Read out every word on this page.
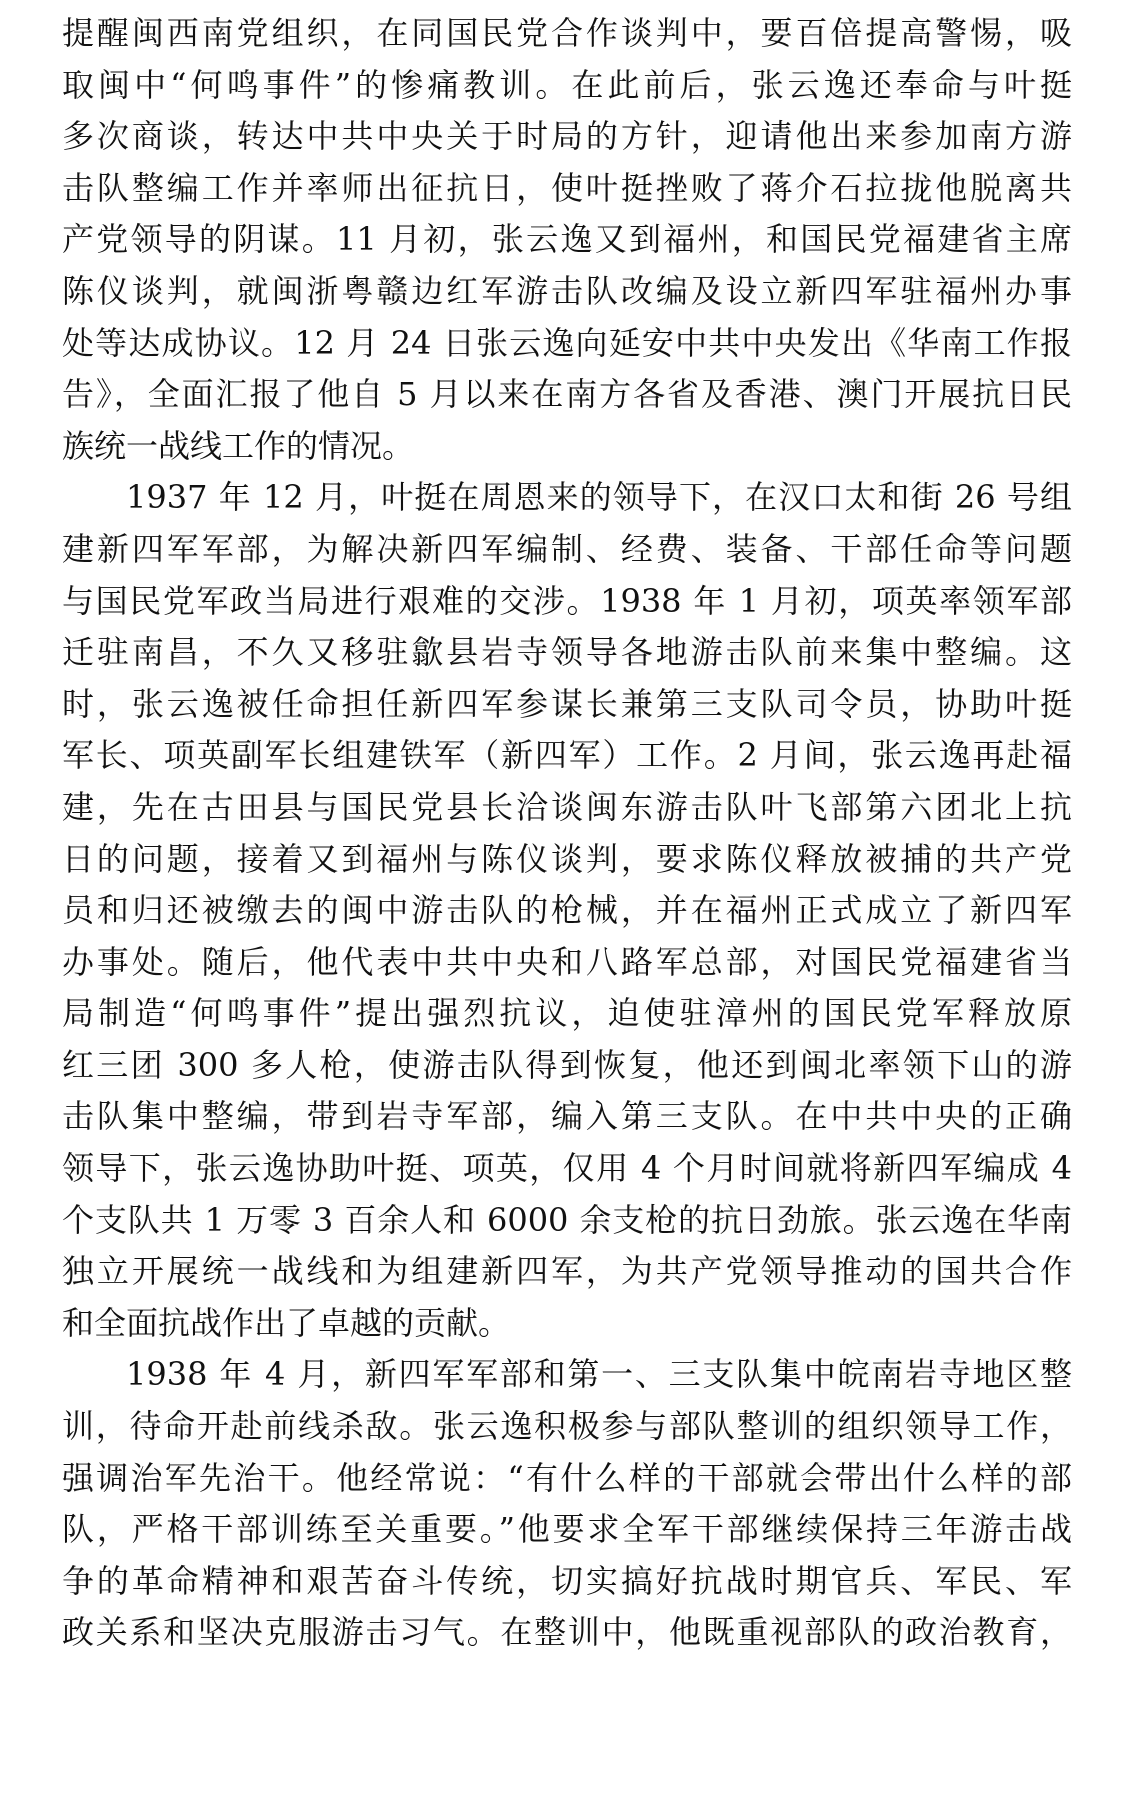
提醒闽西南党组织，在同国民党合作谈判中，要百倍提高警惕，吸
取闽中“何鸣事件”的惨痛教训。在此前后，张云逸还奉命与叶挺
多次商谈，转达中共中央关于时局的方针，迎请他出来参加南方游
击队整编工作并率师出征抗日，使叶挺挫败了蒋介石拉拢他脱离共
产党领导的阴谋。11 月初，张云逸又到福州，和国民党福建省主席
陈仪谈判，就闽浙粤赣边红军游击队改编及设立新四军驻福州办事
处等达成协议。12 月 24 日张云逸向延安中共中央发出《华南工作报
告》，全面汇报了他自 5 月以来在南方各省及香港、澳门开展抗日民
族统一战线工作的情况。
1937 年 12 月，叶挺在周恩来的领导下，在汉口太和街 26 号组
建新四军军部，为解决新四军编制、经费、装备、干部任命等问题
与国民党军政当局进行艰难的交涉。1938 年 1 月初，项英率领军部
迁驻南昌，不久又移驻歙县岩寺领导各地游击队前来集中整编。这
时，张云逸被任命担任新四军参谋长兼第三支队司令员，协助叶挺
军长、项英副军长组建铁军（新四军）工作。2 月间，张云逸再赴福
建，先在古田县与国民党县长洽谈闽东游击队叶飞部第六团北上抗
日的问题，接着又到福州与陈仪谈判，要求陈仪释放被捕的共产党
员和归还被缴去的闽中游击队的枪械，并在福州正式成立了新四军
办事处。随后，他代表中共中央和八路军总部，对国民党福建省当
局制造“何鸣事件”提出强烈抗议，迫使驻漳州的国民党军释放原
红三团 300 多人枪，使游击队得到恢复，他还到闽北率领下山的游
击队集中整编，带到岩寺军部，编入第三支队。在中共中央的正确
领导下，张云逸协助叶挺、项英，仅用 4 个月时间就将新四军编成 4
个支队共 1 万零 3 百余人和 6000 余支枪的抗日劲旅。张云逸在华南
独立开展统一战线和为组建新四军，为共产党领导推动的国共合作
和全面抗战作出了卓越的贡献。
1938 年 4 月，新四军军部和第一、三支队集中皖南岩寺地区整
训，待命开赴前线杀敌。张云逸积极参与部队整训的组织领导工作，
强调治军先治干。他经常说：“有什么样的干部就会带出什么样的部
队，严格干部训练至关重要。”他要求全军干部继续保持三年游击战
争的革命精神和艰苦奋斗传统，切实搞好抗战时期官兵、军民、军
政关系和坚决克服游击习气。在整训中，他既重视部队的政治教育，
